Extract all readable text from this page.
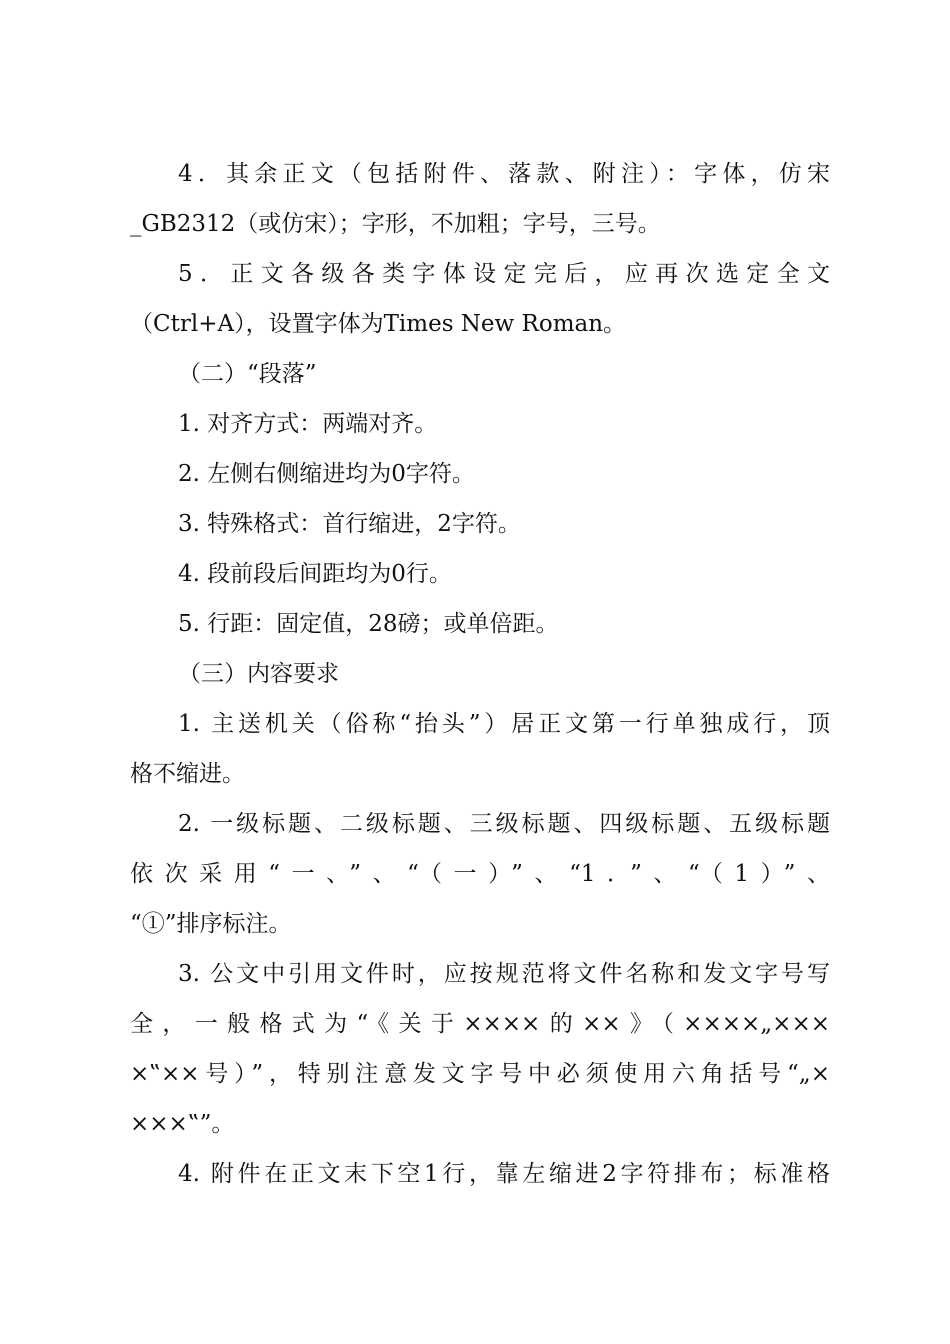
4．其余正文（包括附件、落款、附注）：字体，仿宋
_GB2312（或仿宋）；字形，不加粗；字号，三号。
5．正文各级各类字体设定完后，应再次选定全文
（Ctrl+A），设置字体为Times New Roman。
（二）“段落”
1. 对齐方式：两端对齐。
2. 左侧右侧缩进均为0字符。
3. 特殊格式：首行缩进，2字符。
4. 段前段后间距均为0行。
5. 行距：固定值，28磅；或单倍距。
（三）内容要求
1. 主送机关（俗称“抬头”）居正文第一行单独成行，顶
格不缩进。
2. 一级标题、二级标题、三级标题、四级标题、五级标题
依次采用“一、”、“（一）”、“1．”、“（1）”、
“①”排序标注。
3. 公文中引用文件时，应按规范将文件名称和发文字号写
全，一般格式为“《关于××××的××》（××××„×××
×‟××号）”，特别注意发文字号中必须使用六角括号“„×
×××‟”。
4. 附件在正文末下空1行，靠左缩进2字符排布；标准格
